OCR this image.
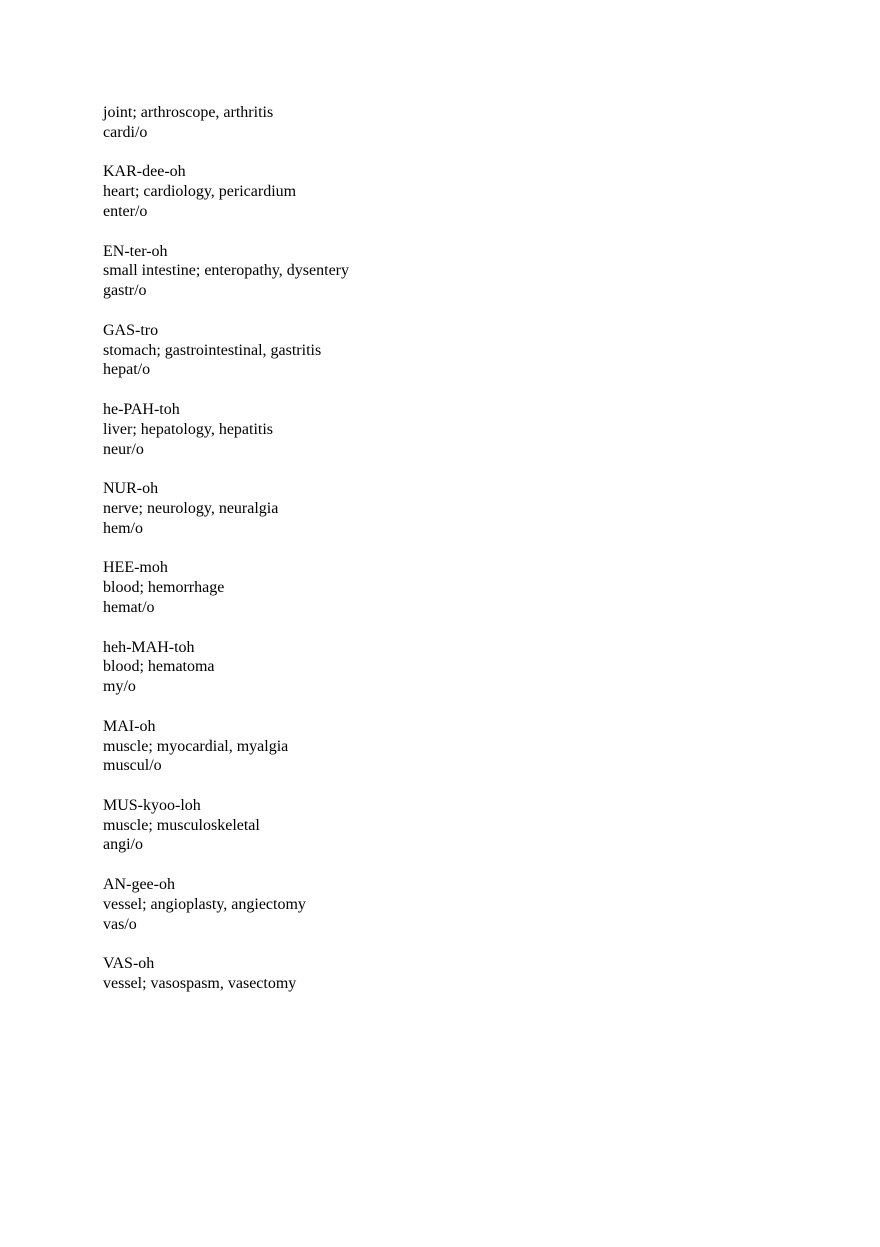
joint; arthroscope, arthritis
cardi/o
KAR-dee-oh
heart; cardiology, pericardium
enter/o
EN-ter-oh
small intestine; enteropathy, dysentery
gastr/o
GAS-tro
stomach; gastrointestinal, gastritis
hepat/o
he-PAH-toh
liver; hepatology, hepatitis
neur/o
NUR-oh
nerve; neurology, neuralgia
hem/o
HEE-moh
blood; hemorrhage
hemat/o
heh-MAH-toh
blood; hematoma
my/o
MAI-oh
muscle; myocardial, myalgia
muscul/o
MUS-kyoo-loh
muscle; musculoskeletal
angi/o
AN-gee-oh
vessel; angioplasty, angiectomy
vas/o
VAS-oh
vessel; vasospasm, vasectomy
